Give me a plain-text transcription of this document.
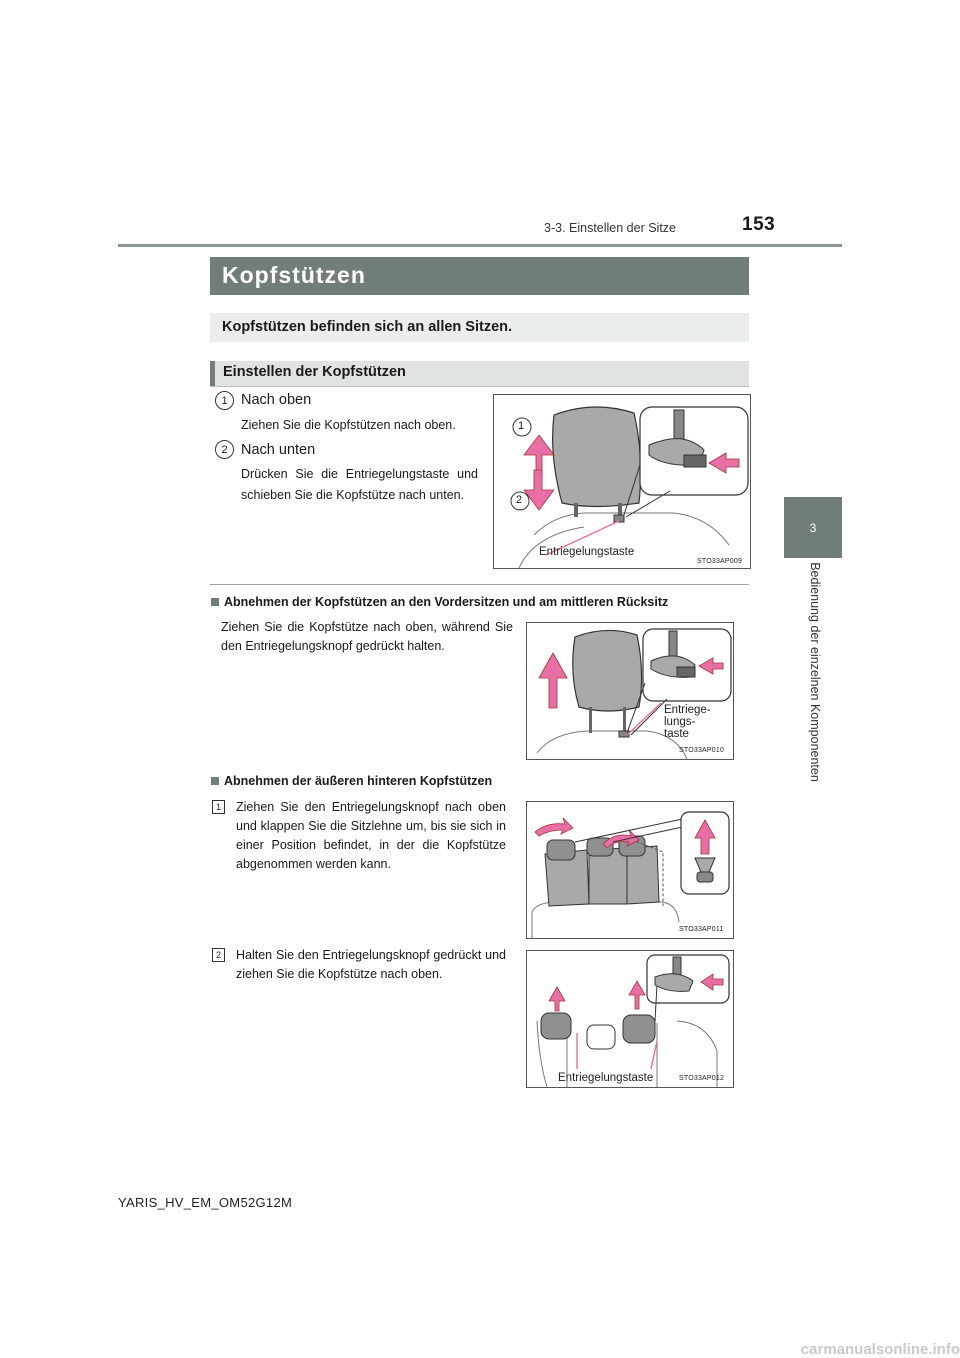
3-3. Einstellen der Sitze	153
3
Bedienung der einzelnen Komponenten
Kopfstützen
Kopfstützen befinden sich an allen Sitzen.
Einstellen der Kopfstützen
1 Nach oben
Ziehen Sie die Kopfstützen nach oben.
2 Nach unten
Drücken Sie die Entriegelungstaste und schieben Sie die Kopfstütze nach unten.
1
2
Entriegelungstaste
STO33AP009
Abnehmen der Kopfstützen an den Vordersitzen und am mittleren Rücksitz
Ziehen Sie die Kopfstütze nach oben, während Sie den Entriegelungsknopf gedrückt halten.
Entriege-
lungs-
taste
STO33AP010
Abnehmen der äußeren hinteren Kopfstützen
1	Ziehen Sie den Entriegelungsknopf nach oben und klappen Sie die Sitzlehne um, bis sie sich in einer Position befindet, in der die Kopfstütze abgenommen werden kann.
STO33AP011
2	Halten Sie den Entriegelungsknopf gedrückt und ziehen Sie die Kopfstütze nach oben.
Entriegelungstaste	STO33AP012
YARIS_HV_EM_OM52G12M
carmanualsonline.info
